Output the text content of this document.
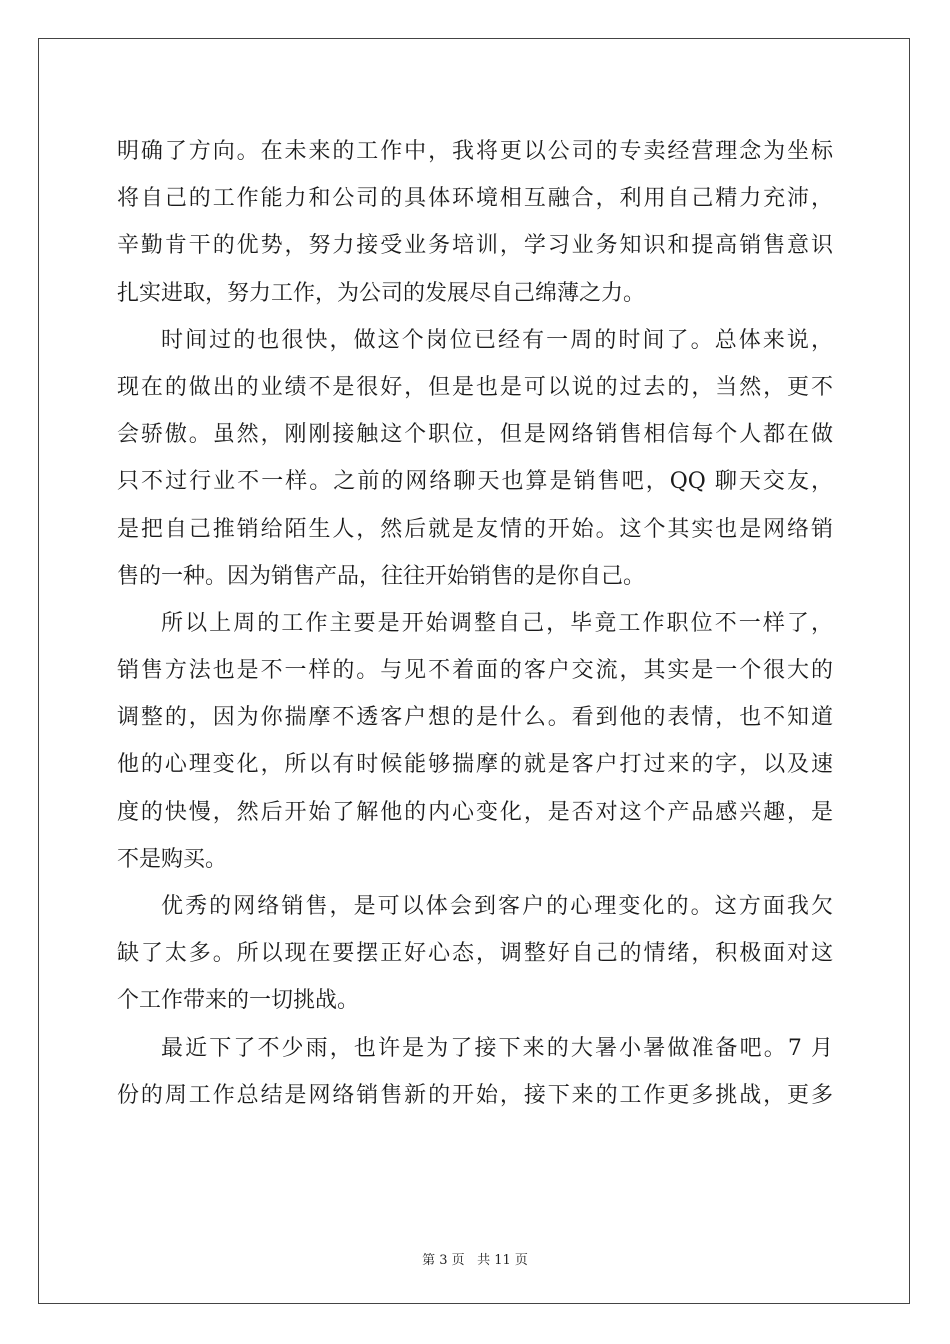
明确了方向。在未来的工作中，我将更以公司的专卖经营理念为坐标
将自己的工作能力和公司的具体环境相互融合，利用自己精力充沛，
辛勤肯干的优势，努力接受业务培训，学习业务知识和提高销售意识
扎实进取，努力工作，为公司的发展尽自己绵薄之力。
时间过的也很快，做这个岗位已经有一周的时间了。总体来说，
现在的做出的业绩不是很好，但是也是可以说的过去的，当然，更不
会骄傲。虽然，刚刚接触这个职位，但是网络销售相信每个人都在做
只不过行业不一样。之前的网络聊天也算是销售吧，QQ 聊天交友，
是把自己推销给陌生人，然后就是友情的开始。这个其实也是网络销
售的一种。因为销售产品，往往开始销售的是你自己。
所以上周的工作主要是开始调整自己，毕竟工作职位不一样了，
销售方法也是不一样的。与见不着面的客户交流，其实是一个很大的
调整的，因为你揣摩不透客户想的是什么。看到他的表情，也不知道
他的心理变化，所以有时候能够揣摩的就是客户打过来的字，以及速
度的快慢，然后开始了解他的内心变化，是否对这个产品感兴趣，是
不是购买。
优秀的网络销售，是可以体会到客户的心理变化的。这方面我欠
缺了太多。所以现在要摆正好心态，调整好自己的情绪，积极面对这
个工作带来的一切挑战。
最近下了不少雨，也许是为了接下来的大暑小暑做准备吧。7 月
份的周工作总结是网络销售新的开始，接下来的工作更多挑战，更多
第 3 页 共 11 页
